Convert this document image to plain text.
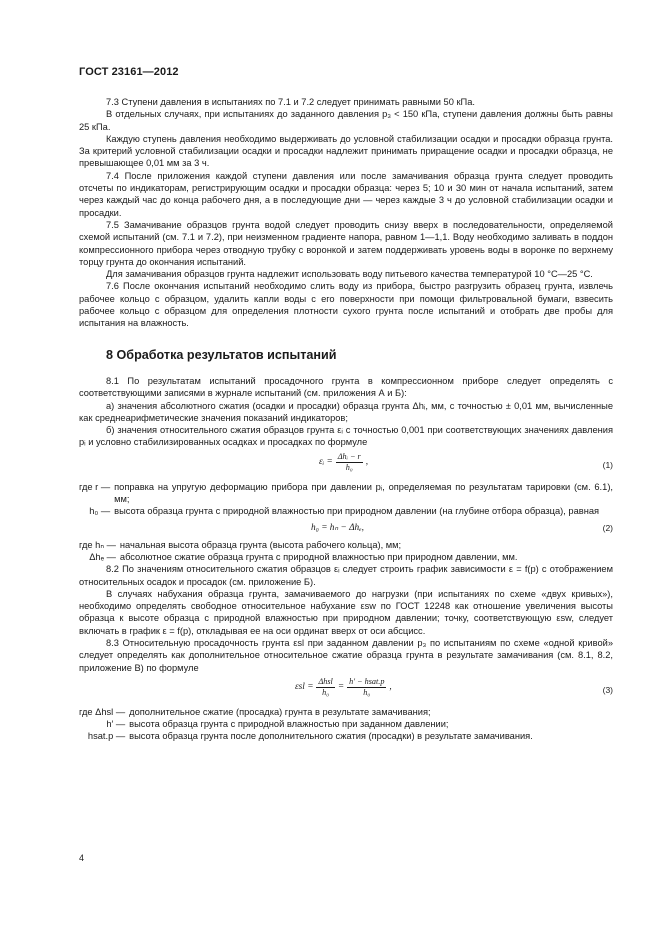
ГОСТ 23161—2012

7.3 Ступени давления в испытаниях по 7.1 и 7.2 следует принимать равными 50 кПа.

В отдельных случаях, при испытаниях до заданного давления p₃ < 150 кПа, ступени давления должны быть равны 25 кПа.

Каждую ступень давления необходимо выдерживать до условной стабилизации осадки и просадки образца грунта. За критерий условной стабилизации осадки и просадки надлежит принимать приращение осадки и просадки образца, не превышающее 0,01 мм за 3 ч.

7.4 После приложения каждой ступени давления или после замачивания образца грунта следует проводить отсчеты по индикаторам, регистрирующим осадки и просадки образца: через 5; 10 и 30 мин от начала испытаний, затем через каждый час до конца рабочего дня, а в последующие дни — через каждые 3 ч до условной стабилизации осадки и просадки.

7.5 Замачивание образцов грунта водой следует проводить снизу вверх в последовательности, определяемой схемой испытаний (см. 7.1 и 7.2), при неизменном градиенте напора, равном 1—1,1. Воду необходимо заливать в поддон компрессионного прибора через отводную трубку с воронкой и затем поддерживать уровень воды в воронке по верхнему торцу грунта до окончания испытаний.

Для замачивания образцов грунта надлежит использовать воду питьевого качества температурой 10 °С—25 °С.

7.6 После окончания испытаний необходимо слить воду из прибора, быстро разгрузить образец грунта, извлечь рабочее кольцо с образцом, удалить капли воды с его поверхности при помощи фильтровальной бумаги, взвесить рабочее кольцо с образцом для определения плотности сухого грунта после испытаний и отобрать две пробы для испытания на влажность.

8 Обработка результатов испытаний

8.1 По результатам испытаний просадочного грунта в компрессионном приборе следует определять с соответствующими записями в журнале испытаний (см. приложения А и Б):

а) значения абсолютного сжатия (осадки и просадки) образца грунта Δhᵢ, мм, с точностью ± 0,01 мм, вычисленные как среднеарифметические значения показаний индикаторов;

б) значения относительного сжатия образцов грунта εᵢ с точностью 0,001 при соответствующих значениях давления pᵢ и условно стабилизированных осадках и просадках по формуле

εᵢ = $\frac{\text{Δhᵢ − r}}{\text{h₀}}$ ,	(1)
где r —	поправка на упругую деформацию прибора при давлении pᵢ, определяемая по результатам тарировки (см. 6.1), мм;
h₀ —	высота образца грунта с природной влажностью при природном давлении (на глубине отбора образца), равная
h₀ = hₙ − Δhₑ,	(2)
где hₙ —	начальная высота образца грунта (высота рабочего кольца), мм;
Δhₑ —	абсолютное сжатие образца грунта с природной влажностью при природном давлении, мм.

8.2 По значениям относительного сжатия образцов εᵢ следует строить график зависимости ε = f(p) с отображением относительных осадок и просадок (см. приложение Б).

В случаях набухания образца грунта, замачиваемого до нагрузки (при испытаниях по схеме «двух кривых»), необходимо определять свободное относительное набухание εsw по ГОСТ 12248 как отношение увеличения высоты образца к высоте образца с природной влажностью при природном давлении; точку, соответствующую εsw, следует включать в график ε = f(p), откладывая ее на оси ординат вверх от оси абсцисс.

8.3 Относительную просадочность грунта εsl при заданном давлении p₃ по испытаниям по схеме «одной кривой» следует определять как дополнительное относительное сжатие образца грунта в результате замачивания (см. 8.1, 8.2, приложение В) по формуле

$\varepsilon sl = \frac{\text{Δhsl}}{\text{h₀}} = \frac{\text{h′ − hsat.p}}{\text{h₀}}$ ,	(3)
где Δhsl —	дополнительное сжатие (просадка) грунта в результате замачивания;
h′ —	высота образца грунта с природной влажностью при заданном давлении;
hsat.p —	высота образца грунта после дополнительного сжатия (просадки) в результате замачивания.
4
